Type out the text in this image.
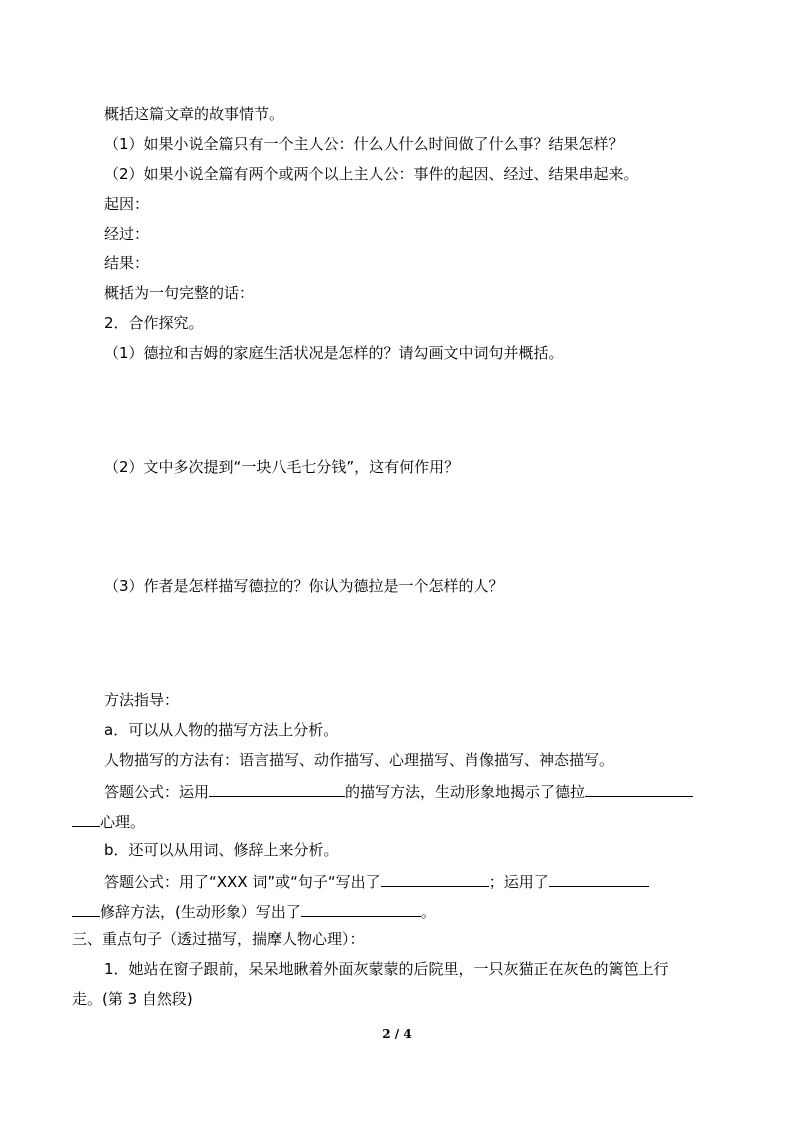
概括这篇文章的故事情节。
（1）如果小说全篇只有一个主人公：什么人什么时间做了什么事？结果怎样？
（2）如果小说全篇有两个或两个以上主人公：事件的起因、经过、结果串起来。
起因：
经过：
结果：
概括为一句完整的话：
2．合作探究。
（1）德拉和吉姆的家庭生活状况是怎样的？请勾画文中词句并概括。
（2）文中多次提到“一块八毛七分钱”，这有何作用？
（3）作者是怎样描写德拉的？你认为德拉是一个怎样的人？
方法指导：
a．可以从人物的描写方法上分析。
人物描写的方法有：语言描写、动作描写、心理描写、肖像描写、神态描写。
答题公式：运用	的描写方法，生动形象地揭示了德拉
心理。
b．还可以从用词、修辞上来分析。
答题公式：用了“XXX 词”或“句子“写出了	；运用了
修辞方法，(生动形象）写出了	。
三、重点句子（透过描写，揣摩人物心理）：
1．她站在窗子跟前，呆呆地瞅着外面灰蒙蒙的后院里，一只灰猫正在灰色的篱笆上行
走。(第 3 自然段)
2 / 4
